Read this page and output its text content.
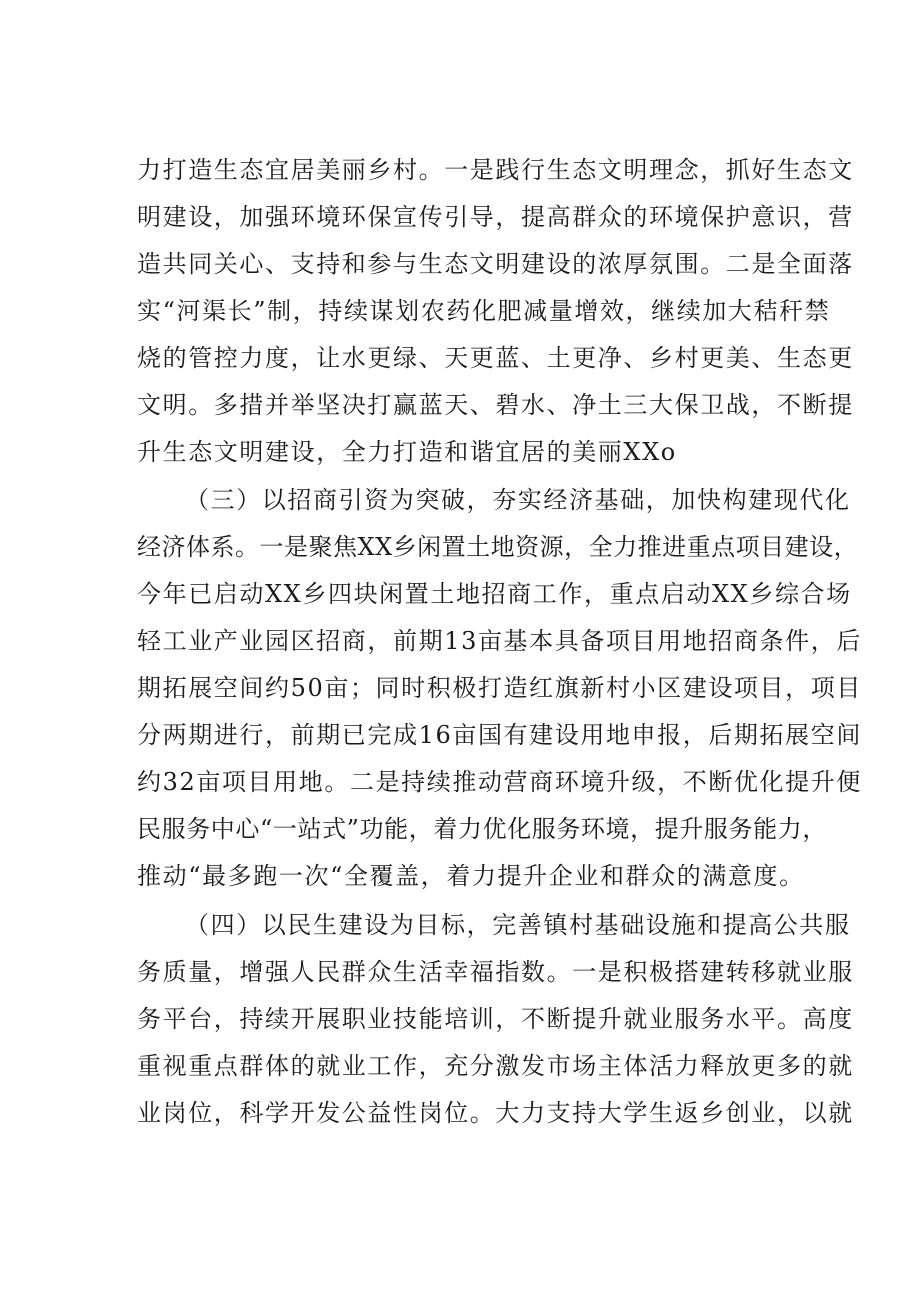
力打造生态宜居美丽乡村。一是践行生态文明理念，抓好生态文
明建设，加强环境环保宣传引导，提高群众的环境保护意识，营
造共同关心、支持和参与生态文明建设的浓厚氛围。二是全面落
实“河渠长”制，持续谋划农药化肥减量增效，继续加大秸秆禁
烧的管控力度，让水更绿、天更蓝、土更净、乡村更美、生态更
文明。多措并举坚决打赢蓝天、碧水、净土三大保卫战，不断提
升生态文明建设，全力打造和谐宜居的美丽XXo
（三）以招商引资为突破，夯实经济基础，加快构建现代化
经济体系。一是聚焦XX乡闲置土地资源，全力推进重点项目建设，
今年已启动XX乡四块闲置土地招商工作，重点启动XX乡综合场
轻工业产业园区招商，前期13亩基本具备项目用地招商条件，后
期拓展空间约50亩；同时积极打造红旗新村小区建设项目，项目
分两期进行，前期已完成16亩国有建设用地申报，后期拓展空间
约32亩项目用地。二是持续推动营商环境升级，不断优化提升便
民服务中心“一站式”功能，着力优化服务环境，提升服务能力，
推动“最多跑一次“全覆盖，着力提升企业和群众的满意度。
（四）以民生建设为目标，完善镇村基础设施和提高公共服
务质量，增强人民群众生活幸福指数。一是积极搭建转移就业服
务平台，持续开展职业技能培训，不断提升就业服务水平。高度
重视重点群体的就业工作，充分激发市场主体活力释放更多的就
业岗位，科学开发公益性岗位。大力支持大学生返乡创业，以就
